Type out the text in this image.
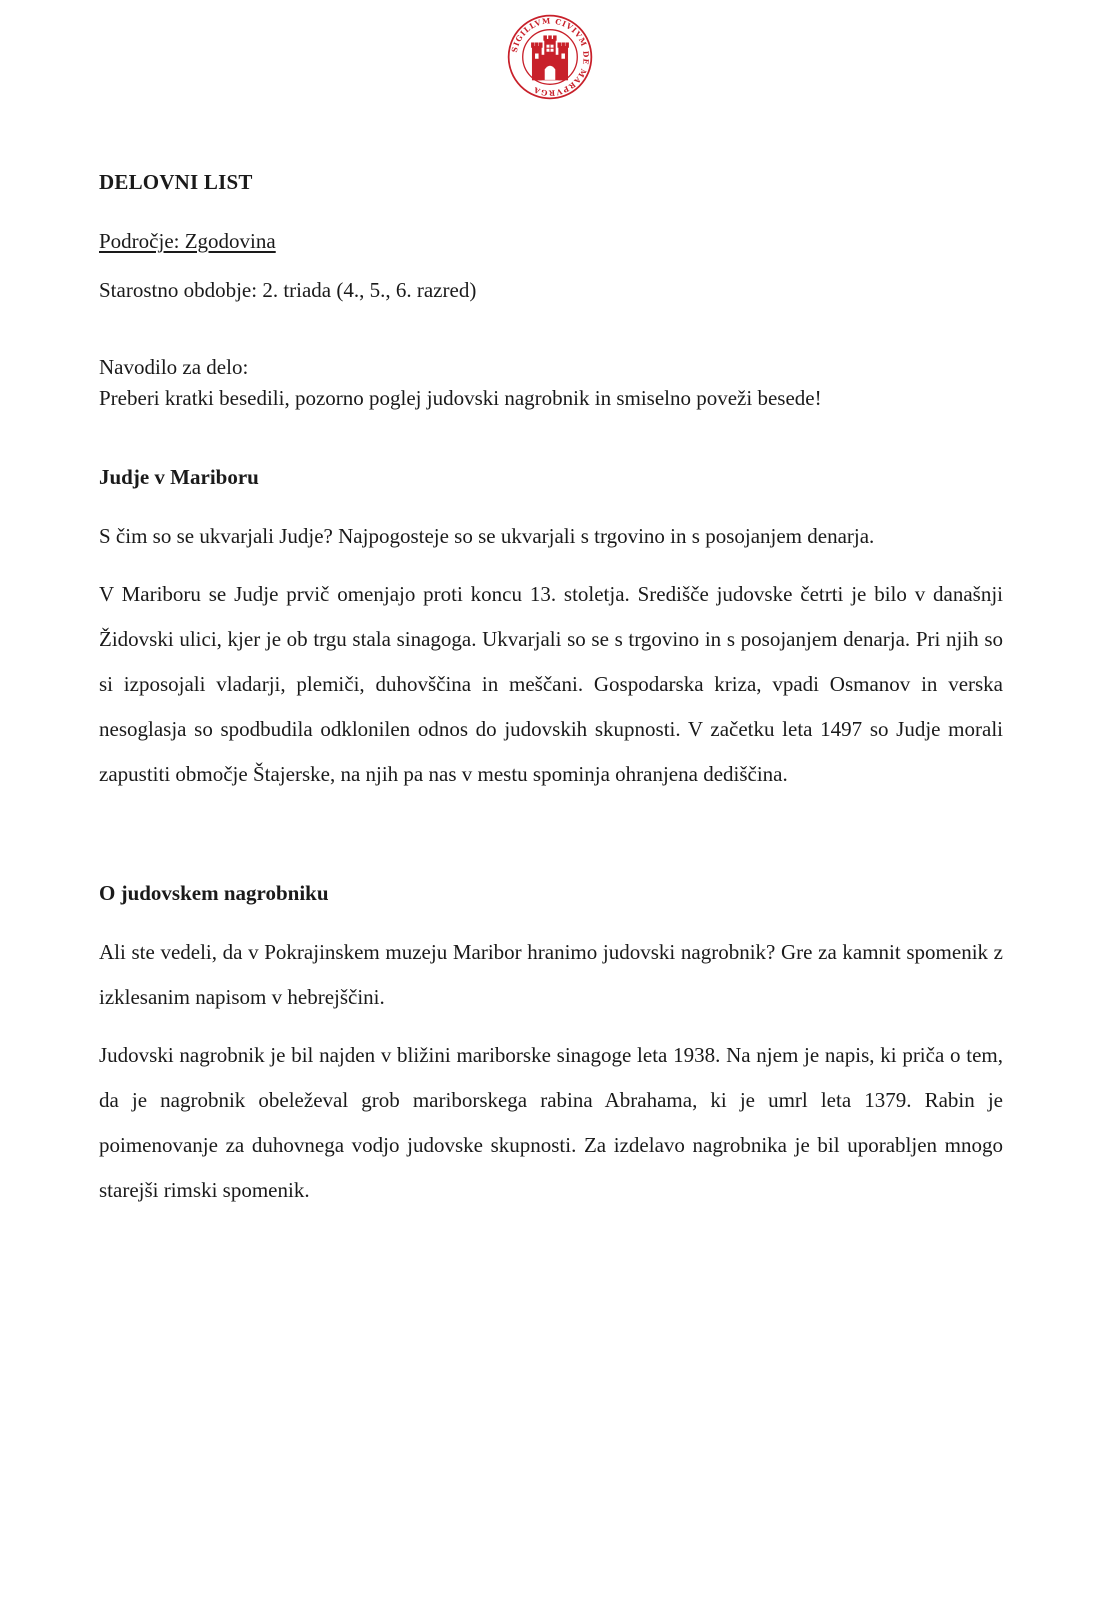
SIGILLVM CIVIVM DE MARPVRGA

DELOVNI LIST

Področje: Zgodovina

Starostno obdobje: 2. triada (4., 5., 6. razred)

Navodilo za delo:

Preberi kratki besedili, pozorno poglej judovski nagrobnik in smiselno poveži besede!

Judje v Mariboru

S čim so se ukvarjali Judje? Najpogosteje so se ukvarjali s trgovino in s posojanjem denarja.

V Mariboru se Judje prvič omenjajo proti koncu 13. stoletja. Središče judovske četrti je bilo v današnji Židovski ulici, kjer je ob trgu stala sinagoga. Ukvarjali so se s trgovino in s posojanjem denarja. Pri njih so si izposojali vladarji, plemiči, duhovščina in meščani. Gospodarska kriza, vpadi Osmanov in verska nesoglasja so spodbudila odklonilen odnos do judovskih skupnosti. V začetku leta 1497 so Judje morali zapustiti območje Štajerske, na njih pa nas v mestu spominja ohranjena dediščina.

O judovskem nagrobniku

Ali ste vedeli, da v Pokrajinskem muzeju Maribor hranimo judovski nagrobnik? Gre za kamnit spomenik z izklesanim napisom v hebrejščini.

Judovski nagrobnik je bil najden v bližini mariborske sinagoge leta 1938. Na njem je napis, ki priča o tem, da je nagrobnik obeleževal grob mariborskega rabina Abrahama, ki je umrl leta 1379. Rabin je poimenovanje za duhovnega vodjo judovske skupnosti. Za izdelavo nagrobnika je bil uporabljen mnogo starejši rimski spomenik.
